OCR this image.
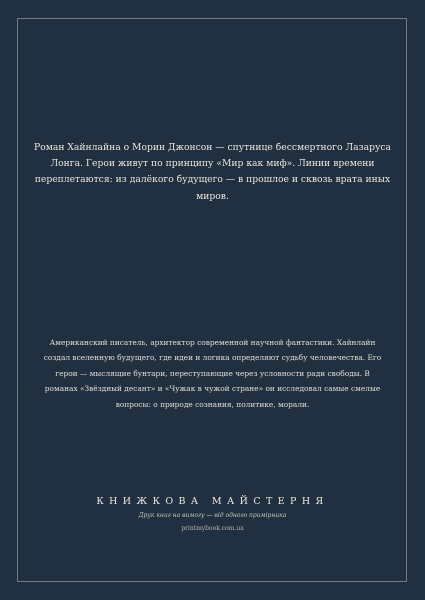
Роман Хайнлайна о Морин Джонсон — спутнице бессмертного Лазаруса Лонга. Герои живут по принципу «Мир как миф». Линии времени переплетаются: из далёкого будущего — в прошлое и сквозь врата иных миров.

Американский писатель, архитектор современной научной фантастики. Хайнлайн создал вселенную будущего, где идеи и логика определяют судьбу человечества. Его герои — мыслящие бунтари, переступающие через условности ради свободы. В романах «Звёздный десант» и «Чужак в чужой стране» он исследовал самые смелые вопросы: о природе сознания, политике, морали.

КНИЖКОВА МАЙСТЕРНЯ

Друк книг на вимогу — від одного примірника

printmybook.com.ua
